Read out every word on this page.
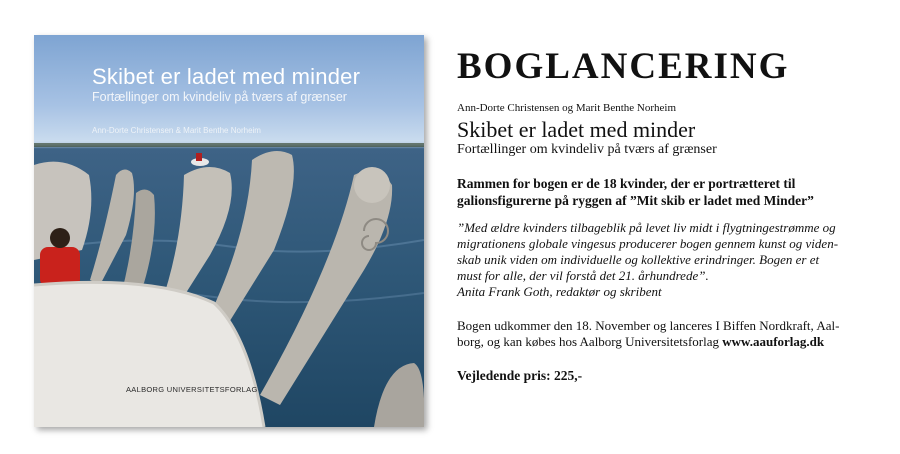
Skibet er ladet med minder
Fortællinger om kvindeliv på tværs af grænser
Ann-Dorte Christensen & Marit Benthe Norheim
AALBORG UNIVERSITETSFORLAG
BOGLANCERING
Ann-Dorte Christensen og Marit Benthe Norheim
Skibet er ladet med minder
Fortællinger om kvindeliv på tværs af grænser
Rammen for bogen er de 18 kvinder, der er portrætteret til
galionsfigurerne på ryggen af ”Mit skib er ladet med Minder”
”Med ældre kvinders tilbageblik på levet liv midt i flygtningestrømme og
migrationens globale vingesus producerer bogen gennem kunst og viden-
skab unik viden om individuelle og kollektive erindringer. Bogen er et
must for alle, der vil forstå det 21. århundrede”.
Anita Frank Goth, redaktør og skribent
Bogen udkommer den 18. November og lanceres I Biffen Nordkraft, Aal-
borg, og kan købes hos Aalborg Universitetsforlag www.aauforlag.dk
Vejledende pris: 225,-
